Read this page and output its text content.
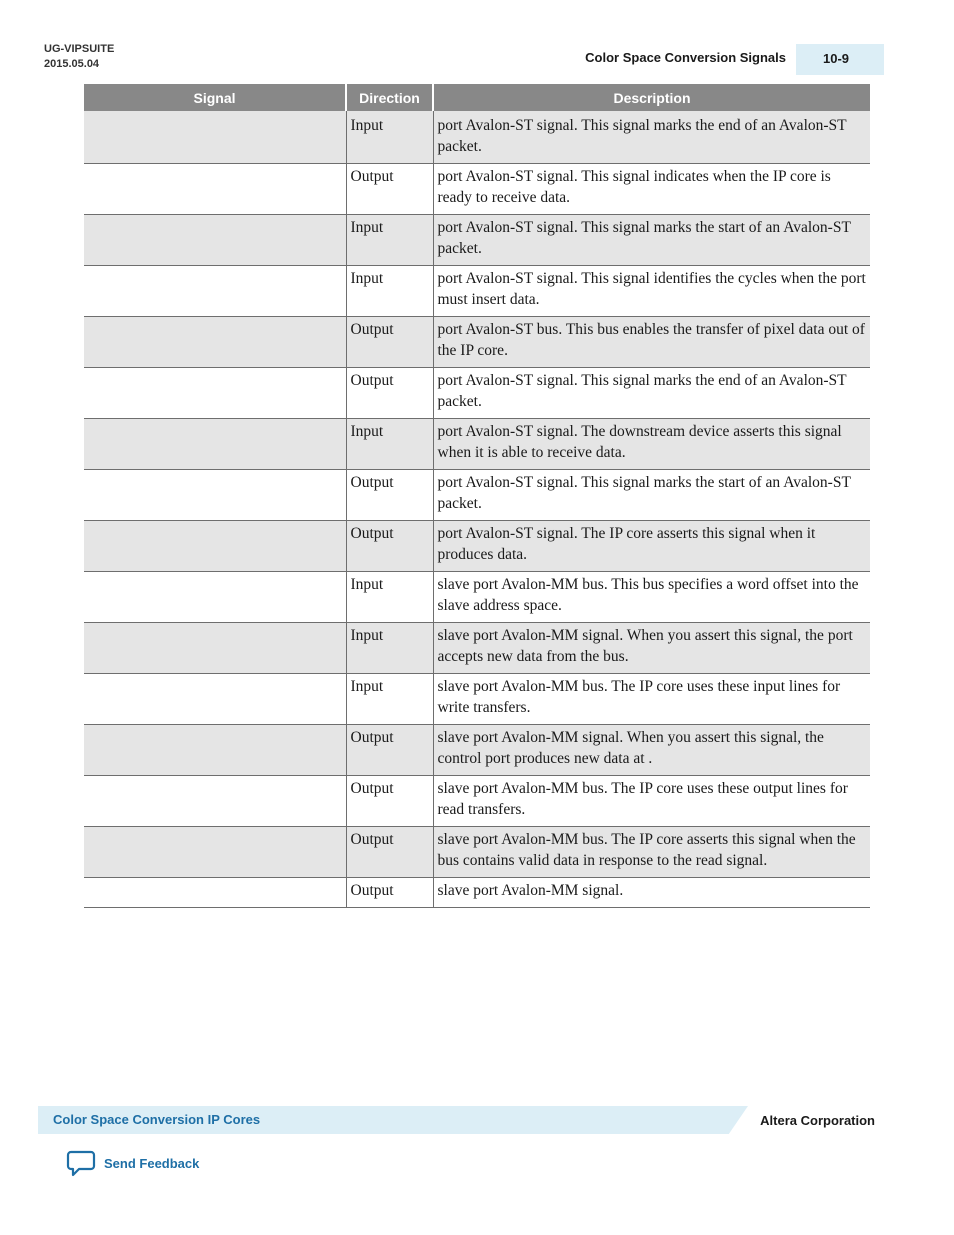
UG-VIPSUITE
2015.05.04	Color Space Conversion Signals	10-9
Signal	Direction	Description
	Input	port Avalon-ST signal. This signal marks the end of an Avalon-ST packet.
	Output	port Avalon-ST signal. This signal indicates when the IP core is ready to receive data.
	Input	port Avalon-ST signal. This signal marks the start of an Avalon-ST packet.
	Input	port Avalon-ST signal. This signal identifies the cycles when the port must insert data.
	Output	port Avalon-ST bus. This bus enables the transfer of pixel data out of the IP core.
	Output	port Avalon-ST signal. This signal marks the end of an Avalon-ST packet.
	Input	port Avalon-ST signal. The downstream device asserts this signal when it is able to receive data.
	Output	port Avalon-ST signal. This signal marks the start of an Avalon-ST packet.
	Output	port Avalon-ST signal. The IP core asserts this signal when it produces data.
	Input	slave port Avalon-MM bus. This bus specifies a word offset into the slave address space.
	Input	slave port Avalon-MM signal. When you assert this signal, the port accepts new data from the bus.
	Input	slave port Avalon-MM bus. The IP core uses these input lines for write transfers.
	Output	slave port Avalon-MM signal. When you assert this signal, the control port produces new data at .
	Output	slave port Avalon-MM bus. The IP core uses these output lines for read transfers.
	Output	slave port Avalon-MM bus. The IP core asserts this signal when the bus contains valid data in response to the read signal.
	Output	slave port Avalon-MM signal.
Color Space Conversion IP Cores	Altera Corporation
Send Feedback
